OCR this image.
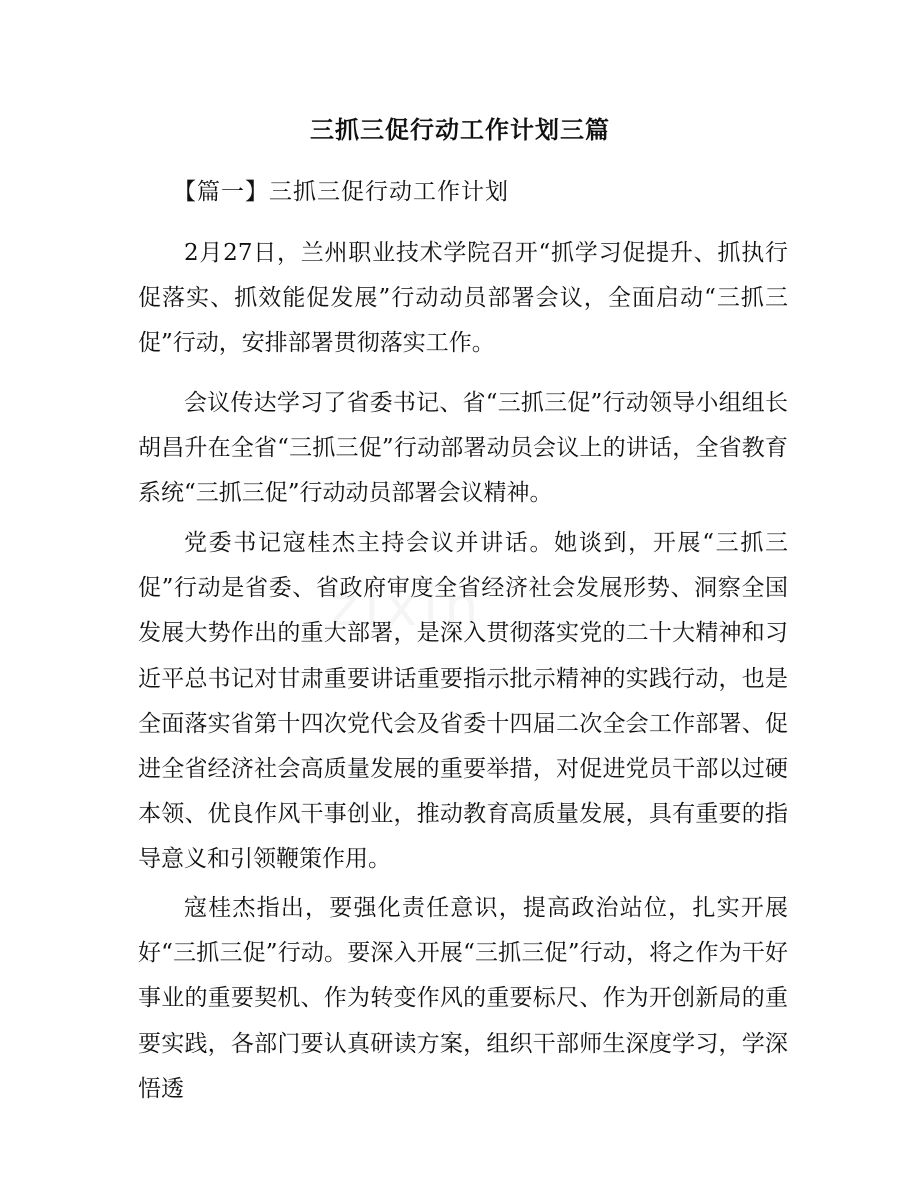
三抓三促行动工作计划三篇
【篇一】三抓三促行动工作计划

2月27日，兰州职业技术学院召开“抓学习促提升、抓执行促落实、抓效能促发展”行动动员部署会议，全面启动“三抓三促”行动，安排部署贯彻落实工作。

会议传达学习了省委书记、省“三抓三促”行动领导小组组长胡昌升在全省“三抓三促”行动部署动员会议上的讲话，全省教育系统“三抓三促”行动动员部署会议精神。

党委书记寇桂杰主持会议并讲话。她谈到，开展“三抓三促”行动是省委、省政府审度全省经济社会发展形势、洞察全国发展大势作出的重大部署，是深入贯彻落实党的二十大精神和习近平总书记对甘肃重要讲话重要指示批示精神的实践行动，也是全面落实省第十四次党代会及省委十四届二次全会工作部署、促进全省经济社会高质量发展的重要举措，对促进党员干部以过硬本领、优良作风干事创业，推动教育高质量发展，具有重要的指导意义和引领鞭策作用。

寇桂杰指出，要强化责任意识，提高政治站位，扎实开展好“三抓三促”行动。要深入开展“三抓三促”行动，将之作为干好事业的重要契机、作为转变作风的重要标尺、作为开创新局的重要实践，各部门要认真研读方案，组织干部师生深度学习，学深悟透
